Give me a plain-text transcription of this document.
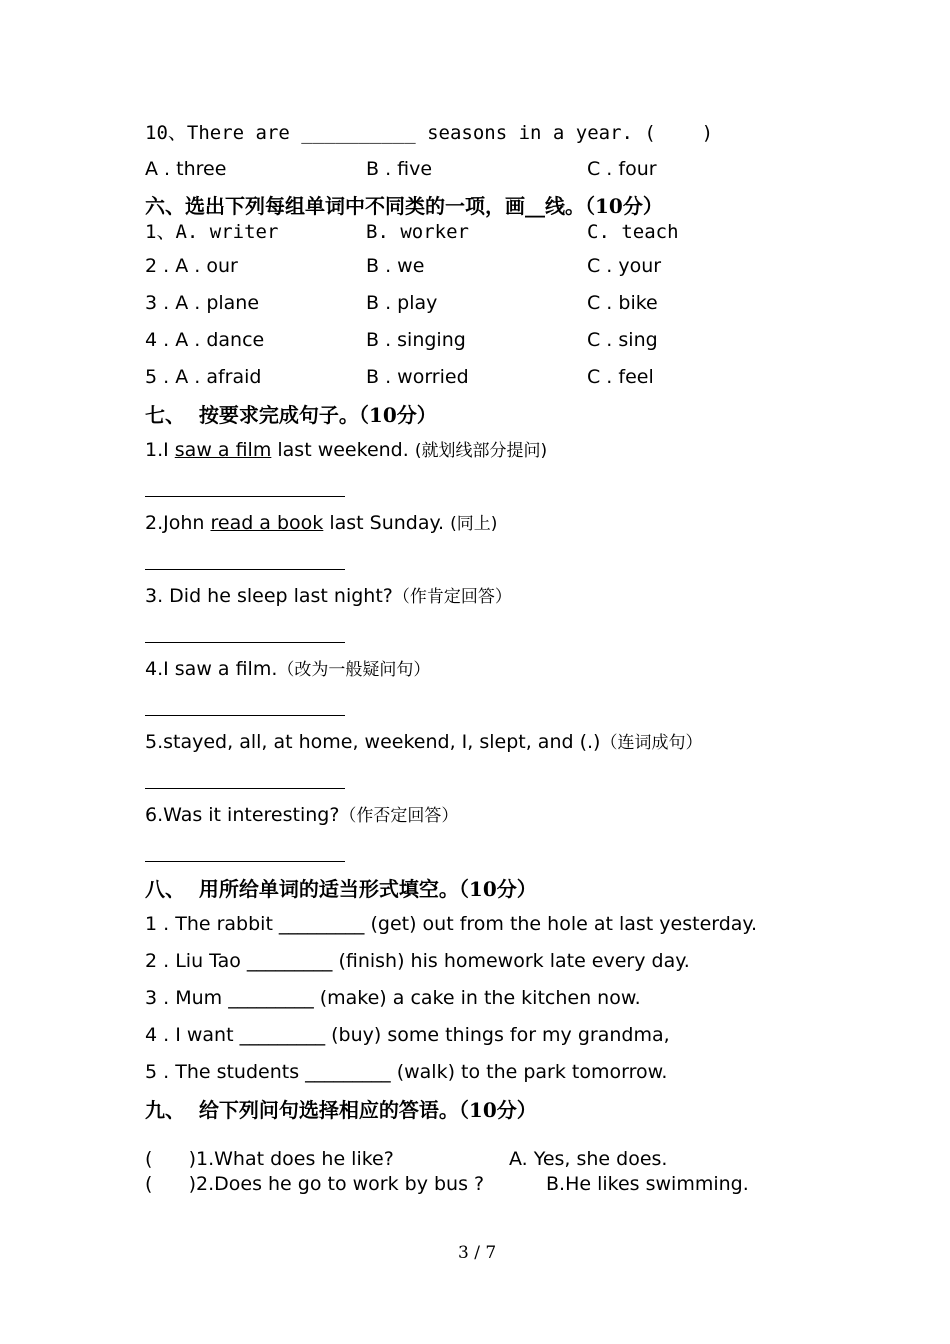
10、There are __________ seasons in a year. (    )
A . three	B . five	C . four
六、选出下列每组单词中不同类的一项，画__线。（10分）
1、A. writer	B. worker	C. teach
2 . A . our	B . we	C . your
3 . A . plane	B . play	C . bike
4 . A . dance	B . singing	C . sing
5 . A . afraid	B . worried	C . feel
七、  按要求完成句子。（10分）
1.I saw a film last weekend. (就划线部分提问)
2.John read a book last Sunday. (同上)
3. Did he sleep last night?（作肯定回答）
4.I saw a film.（改为一般疑问句）
5.stayed, all, at home, weekend, I, slept, and (.)（连词成句）
6.Was it interesting?（作否定回答）
八、  用所给单词的适当形式填空。（10分）
1 . The rabbit _________ (get) out from the hole at last yesterday.
2 . Liu Tao _________ (finish) his homework late every day.
3 . Mum _________ (make) a cake in the kitchen now.
4 . I want _________ (buy) some things for my grandma,
5 . The students _________ (walk) to the park tomorrow.
九、  给下列问句选择相应的答语。（10分）
(      ) 1.What does he like?	A. Yes, she does.
(      ) 2.Does he go to work by bus ?	B.He likes swimming.
3 / 7
